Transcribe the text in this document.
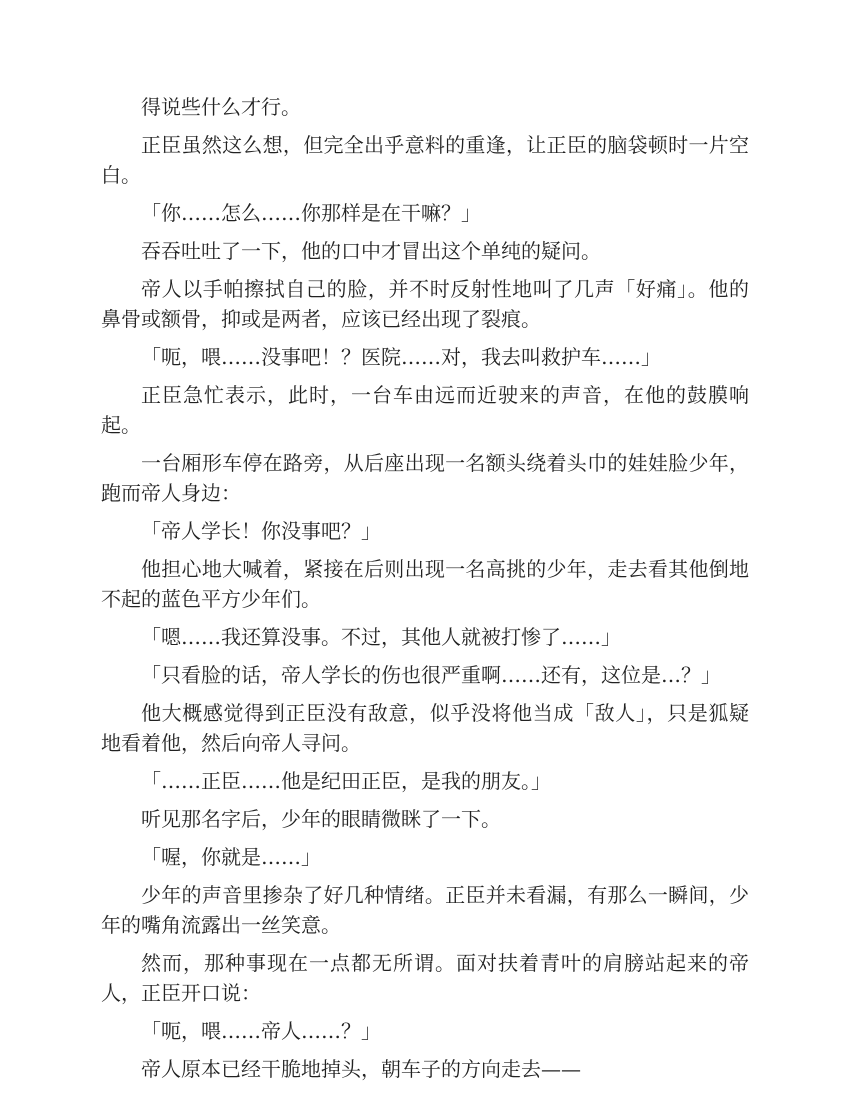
得说些什么才行。

正臣虽然这么想，但完全出乎意料的重逢，让正臣的脑袋顿时一片空白。

「你……怎么……你那样是在干嘛？」

吞吞吐吐了一下，他的口中才冒出这个单纯的疑问。

帝人以手帕擦拭自己的脸，并不时反射性地叫了几声「好痛」。他的鼻骨或额骨，抑或是两者，应该已经出现了裂痕。

「呃，喂……没事吧！？医院……对，我去叫救护车……」

正臣急忙表示，此时，一台车由远而近驶来的声音，在他的鼓膜响起。

一台厢形车停在路旁，从后座出现一名额头绕着头巾的娃娃脸少年，跑而帝人身边：

「帝人学长！你没事吧？」

他担心地大喊着，紧接在后则出现一名高挑的少年，走去看其他倒地不起的蓝色平方少年们。

「嗯……我还算没事。不过，其他人就被打惨了……」

「只看脸的话，帝人学长的伤也很严重啊……还有，这位是…？」

他大概感觉得到正臣没有敌意，似乎没将他当成「敌人」，只是狐疑地看着他，然后向帝人寻问。

「……正臣……他是纪田正臣，是我的朋友。」

听见那名字后，少年的眼睛微眯了一下。

「喔，你就是……」

少年的声音里掺杂了好几种情绪。正臣并未看漏，有那么一瞬间，少年的嘴角流露出一丝笑意。

然而，那种事现在一点都无所谓。面对扶着青叶的肩膀站起来的帝人，正臣开口说：

「呃，喂……帝人……？」

帝人原本已经干脆地掉头，朝车子的方向走去——
